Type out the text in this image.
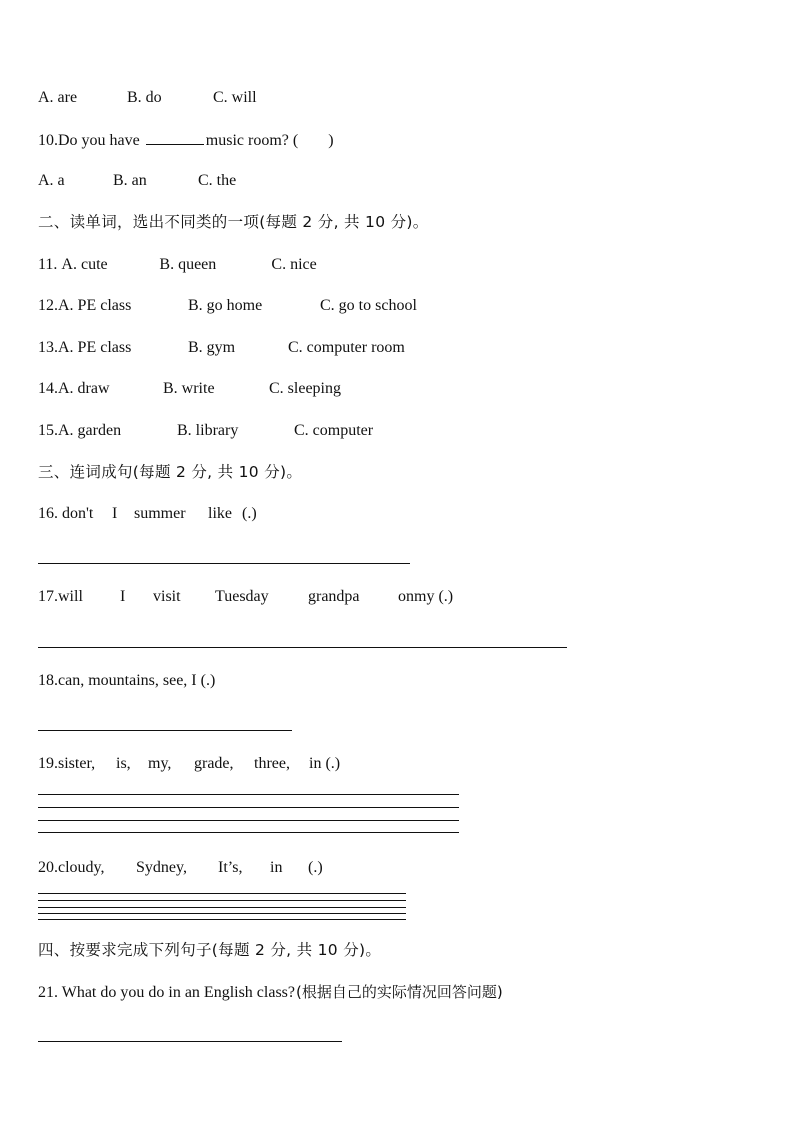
A. are	B. do	C. will
10.Do you have	music room? ( )
A. a	B. an	C. the
二、读单词，选出不同类的一项(每题 2 分, 共 10 分)。
11. A. cute	B. queen	C. nice
12.A. PE class	B. go home	C. go to school
13.A. PE class	B. gym	C. computer room
14.A. draw	B. write	C. sleeping
15.A. garden	B. library	C. computer
三、连词成句(每题 2 分, 共 10 分)。
16. don't I summer like (.)
17.will I visit Tuesday grandpa onmy (.)
18.can, mountains, see, I (.)
19.sister, is, my, grade, three, in (.)
20.cloudy, Sydney, It’s, in (.)
四、按要求完成下列句子(每题 2 分, 共 10 分)。
21. What do you do in an English class? (根据自己的实际情况回答问题)
